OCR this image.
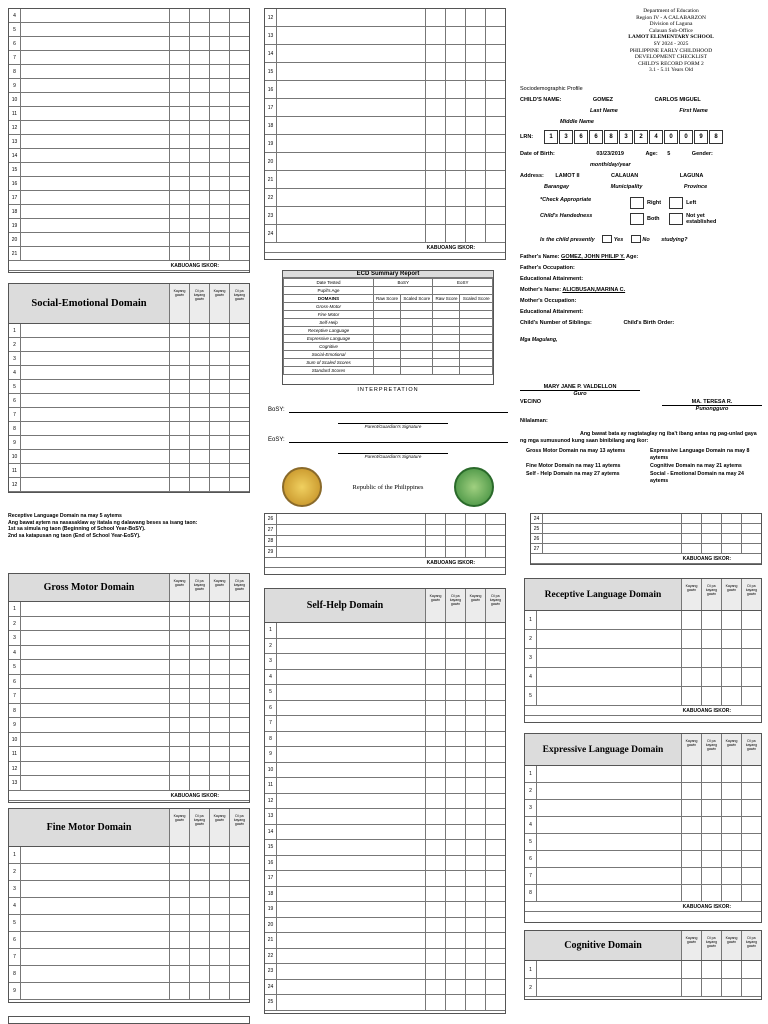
4
5
6
7
8
9
10
11
12
13
14
15
16
17
18
19
20
21
KABUOANG ISKOR:
12
13
14
15
16
17
18
19
20
21
22
23
24
KABUOANG ISKOR:
Department of Education
Region IV - A CALABARZON
Division of Laguna
Calauan Sub-Office
LAMOT ELEMENTARY SCHOOL
SY 2024 - 2025
PHILIPPINE EARLY CHILDHOOD
DEVELOPMENT CHECKLIST
CHILD'S RECORD FORM 2
3.1 - 5.11 Years Old
Sociodemographic Profile
CHILD'S NAME:	GOMEZ	CARLOS MIGUEL
Last Name	First Name
Middle Name
LRN:	1	3	6	6	8	3	2	4	0	0	9	8
Date of Birth:	03/23/2019	Age: 5	Gender:
month/day/year
Address: LAMOT II	CALAUAN	LAGUNA
Barangay	Municipality	Province
*Check Appropriate
Child's Handedness
Right	Left
Both	Not yet established
Is the child presently	Yes	No studying?
Father's Name: GOMEZ, JOHN PHILIP Y. Age:
Father's Occupation:
Educational Attainment:
Mother's Name: ALICBUSAN,MARINA C.
Mother's Occupation:
Educational Attainment:
Child's Number of Siblings:	Child's Birth Order:
Mga Magulang,
MARY JANE P. VALDELLON
Guro
VECINO	MA. TERESA R.
Punongguro
Nilalaman:
Ang bawat bata ay nagtataglay ng iba't ibang antas ng pag-unlad gaya ng mga sumusunod kung saan binibilang ang ikor:
Gross Motor Domain na may 13 aytems	Expressive Language Domain na may 8 aytems
Fine Motor Domain na may 11 aytems	Cognitive Domain na may 21 aytems
Self - Help Domain na may 27 aytems	Social - Emotional Domain na may 24 aytems
Social-Emotional Domain
Kayang gawin
Di pa kayang gawin
Kayang gawin
Di pa kayang gawin
1
2
3
4
5
6
7
8
9
10
11
12
ECD Summary Report
Date Tested	BoSY		EoSY	
Pupil's Age				
DOMAINS	Raw Score	Scaled Score	Raw Score	Scaled Score
Gross-Motor				
Fine Motor				
Self-Help				
Receptive Language				
Expressive Language				
Cognitive				
Social-Emotional				
Sum of Scaled Scores				
Standard Scores				
INTERPRETATION
BoSY:
Parent/Guardian's Signature
EoSY:
Parent/Guardian's Signature
Republic of the Philippines
Receptive Language Domain na may 5 aytems
Ang bawat aytem na nasasaklaw ay itatala ng dalawang beses sa isang taon:
1st sa simula ng taon (Beginning of School Year-BoSY).
2nd sa katapusan ng taon (End of School Year-EoSY).
Gross Motor Domain
Kayang gawin
Di pa kayang gawin
Kayang gawin
Di pa kayang gawin
1
2
3
4
5
6
7
8
9
10
11
12
13
KABUOANG ISKOR:
Fine Motor Domain
Kayang gawin
Di pa kayang gawin
Kayang gawin
Di pa kayang gawin
1
2
3
4
5
6
7
8
9
26
27
28
29
KABUOANG ISKOR:
Self-Help Domain
Kayang gawin
Di pa kayang gawin
Kayang gawin
Di pa kayang gawin
1
2
3
4
5
6
7
8
9
10
11
12
13
14
15
16
17
18
19
20
21
22
23
24
25
24
25
26
27
KABUOANG ISKOR:
Receptive Language Domain
Kayang gawin
Di pa kayang gawin
Kayang gawin
Di pa kayang gawin
1
2
3
4
5
KABUOANG ISKOR:
Expressive Language Domain
Kayang gawin
Di pa kayang gawin
Kayang gawin
Di pa kayang gawin
1
2
3
4
5
6
7
8
KABUOANG ISKOR:
Cognitive Domain
Kayang gawin
Di pa kayang gawin
Kayang gawin
Di pa kayang gawin
1
2
